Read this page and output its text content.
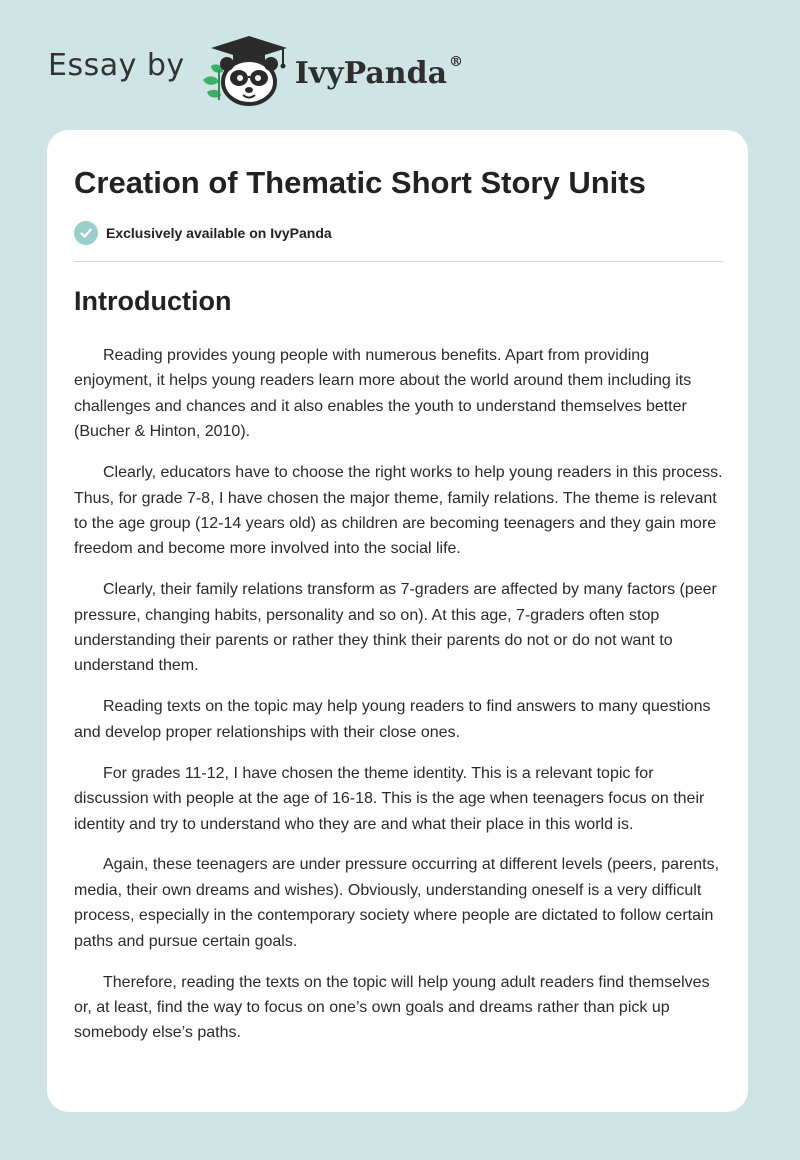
Essay by	IvyPanda ®
Creation of Thematic Short Story Units
Exclusively available on IvyPanda
Introduction

Reading provides young people with numerous benefits. Apart from providing enjoyment, it helps young readers learn more about the world around them including its challenges and chances and it also enables the youth to understand themselves better (Bucher & Hinton, 2010).

Clearly, educators have to choose the right works to help young readers in this process. Thus, for grade 7-8, I have chosen the major theme, family relations. The theme is relevant to the age group (12-14 years old) as children are becoming teenagers and they gain more freedom and become more involved into the social life.

Clearly, their family relations transform as 7-graders are affected by many factors (peer pressure, changing habits, personality and so on). At this age, 7-graders often stop understanding their parents or rather they think their parents do not or do not want to understand them.

Reading texts on the topic may help young readers to find answers to many questions and develop proper relationships with their close ones.

For grades 11-12, I have chosen the theme identity. This is a relevant topic for discussion with people at the age of 16-18. This is the age when teenagers focus on their identity and try to understand who they are and what their place in this world is.

Again, these teenagers are under pressure occurring at different levels (peers, parents, media, their own dreams and wishes). Obviously, understanding oneself is a very difficult process, especially in the contemporary society where people are dictated to follow certain paths and pursue certain goals.

Therefore, reading the texts on the topic will help young adult readers find themselves or, at least, find the way to focus on one’s own goals and dreams rather than pick up somebody else’s paths.
